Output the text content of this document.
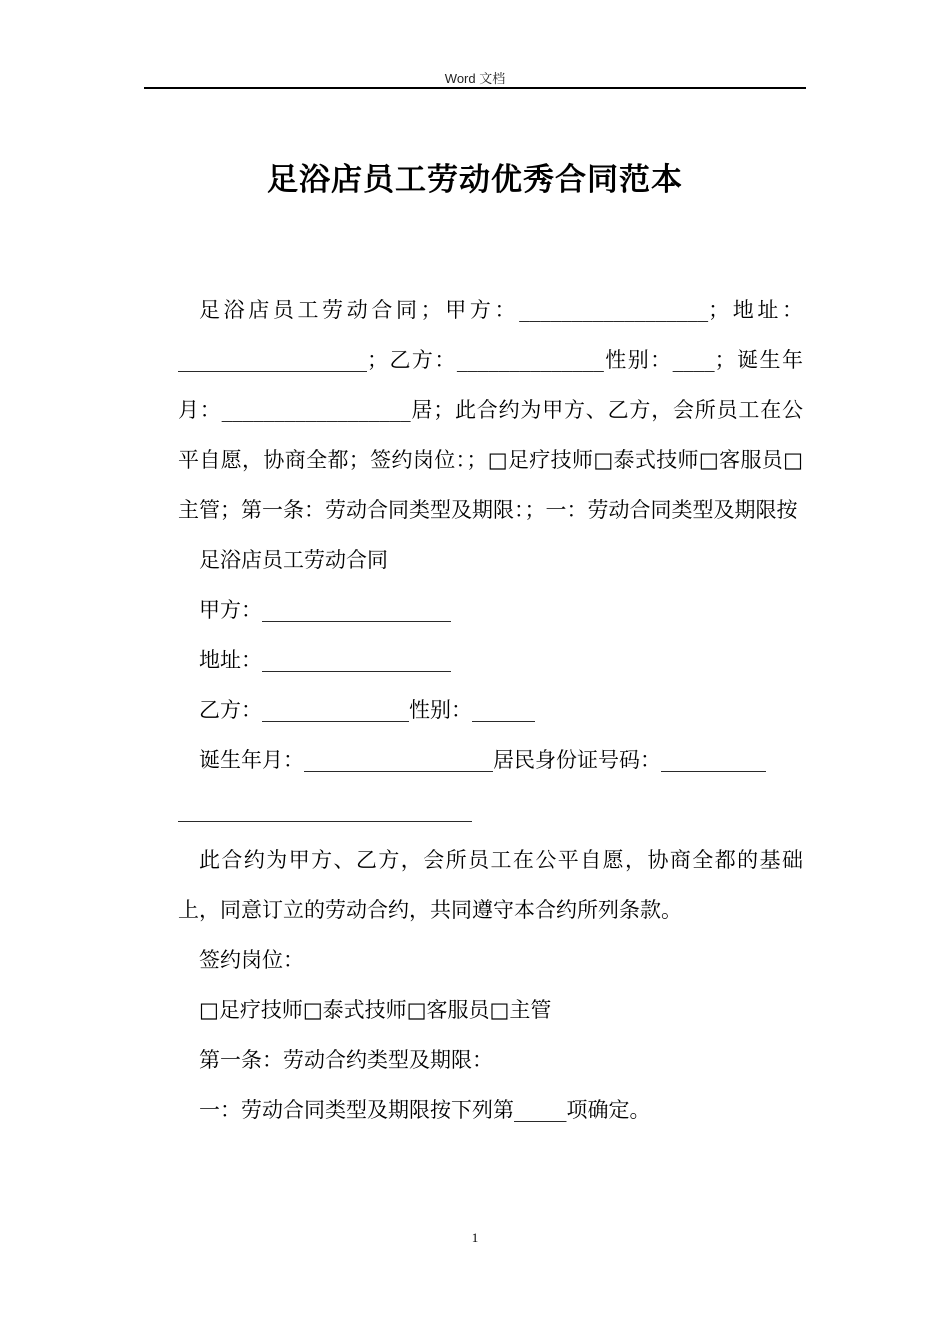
Word 文档
足浴店员工劳动优秀合同范本

足浴店员工劳动合同；甲方：__________________；地址：__________________；乙方：______________性别：____；诞生年月：__________________居；此合约为甲方、乙方，会所员工在公平自愿，协商全都；签约岗位：；□足疗技师□泰式技师□客服员□主管；第一条：劳动合同类型及期限：；一：劳动合同类型及期限按

足浴店员工劳动合同

甲方：__________________

地址：__________________

乙方：______________性别：______

诞生年月：__________________居民身份证号码：__________

____________________________

此合约为甲方、乙方，会所员工在公平自愿，协商全都的基础上，同意订立的劳动合约，共同遵守本合约所列条款。

签约岗位：

□足疗技师□泰式技师□客服员□主管

第一条：劳动合约类型及期限：

一：劳动合同类型及期限按下列第_____项确定。

1
